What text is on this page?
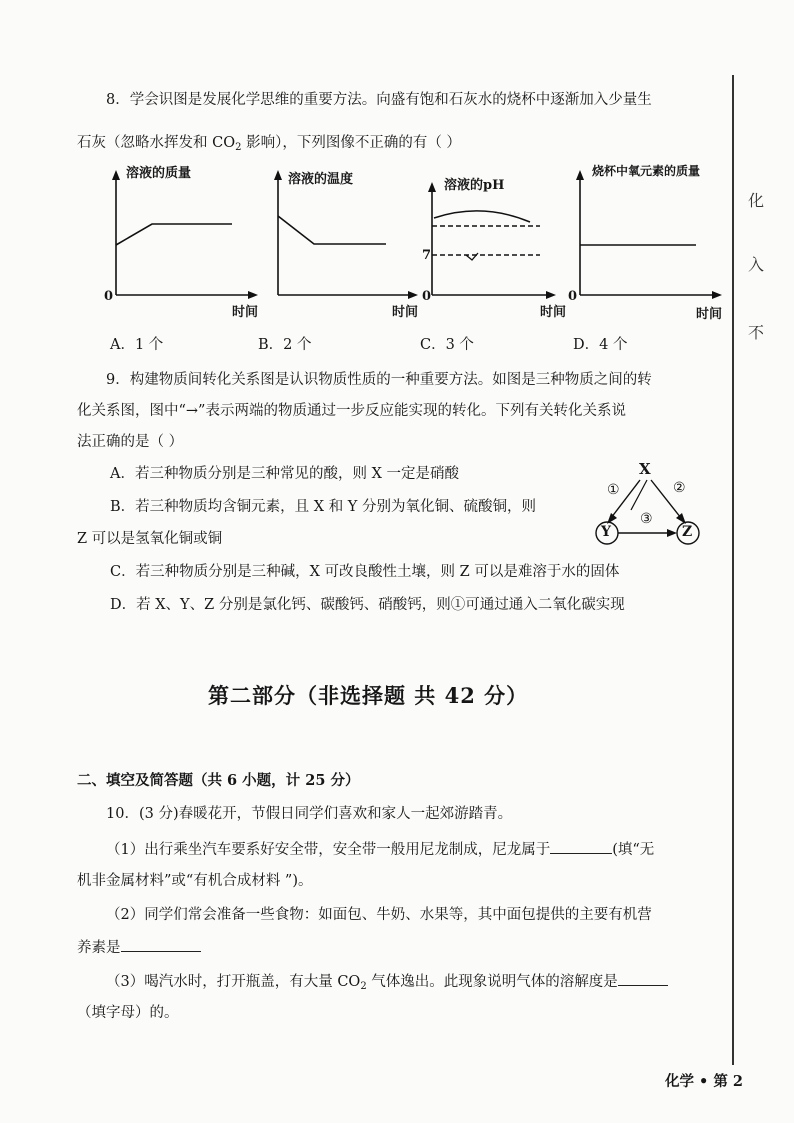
化
入
不
8．学会识图是发展化学思维的重要方法。向盛有饱和石灰水的烧杯中逐渐加入少量生
石灰（忽略水挥发和 $CO_2$ 影响），下列图像不正确的有（ ）
溶液的质量
0
时间
溶液的温度
时间
溶液的pH
7
0
时间
烧杯中氧元素的质量
0
时间
A．1 个	B．2 个	C．3 个	D．4 个
9．构建物质间转化关系图是认识物质性质的一种重要方法。如图是三种物质之间的转
化关系图，图中“→”表示两端的物质通过一步反应能实现的转化。下列有关转化关系说
法正确的是（ ）
A．若三种物质分别是三种常见的酸，则 X 一定是硝酸
B．若三种物质均含铜元素，且 X 和 Y 分别为氧化铜、硫酸铜，则
Z 可以是氢氧化铜或铜
C．若三种物质分别是三种碱，X 可改良酸性土壤，则 Z 可以是难溶于水的固体
D．若 X、Y、Z 分别是氯化钙、碳酸钙、硝酸钙，则①可通过通入二氧化碳实现
X
Y	Z
①	②
③
第二部分（非选择题 共 42 分）
二、填空及简答题（共 6 小题，计 25 分）
10．(3 分)春暖花开，节假日同学们喜欢和家人一起郊游踏青。
（1）出行乘坐汽车要系好安全带，安全带一般用尼龙制成，尼龙属于	(填“无
机非金属材料”或“有机合成材料 ”)。
（2）同学们常会准备一些食物：如面包、牛奶、水果等，其中面包提供的主要有机营
养素是
（3）喝汽水时，打开瓶盖，有大量 $CO_2$ 气体逸出。此现象说明气体的溶解度是
（填字母）的。
化学 • 第 2
